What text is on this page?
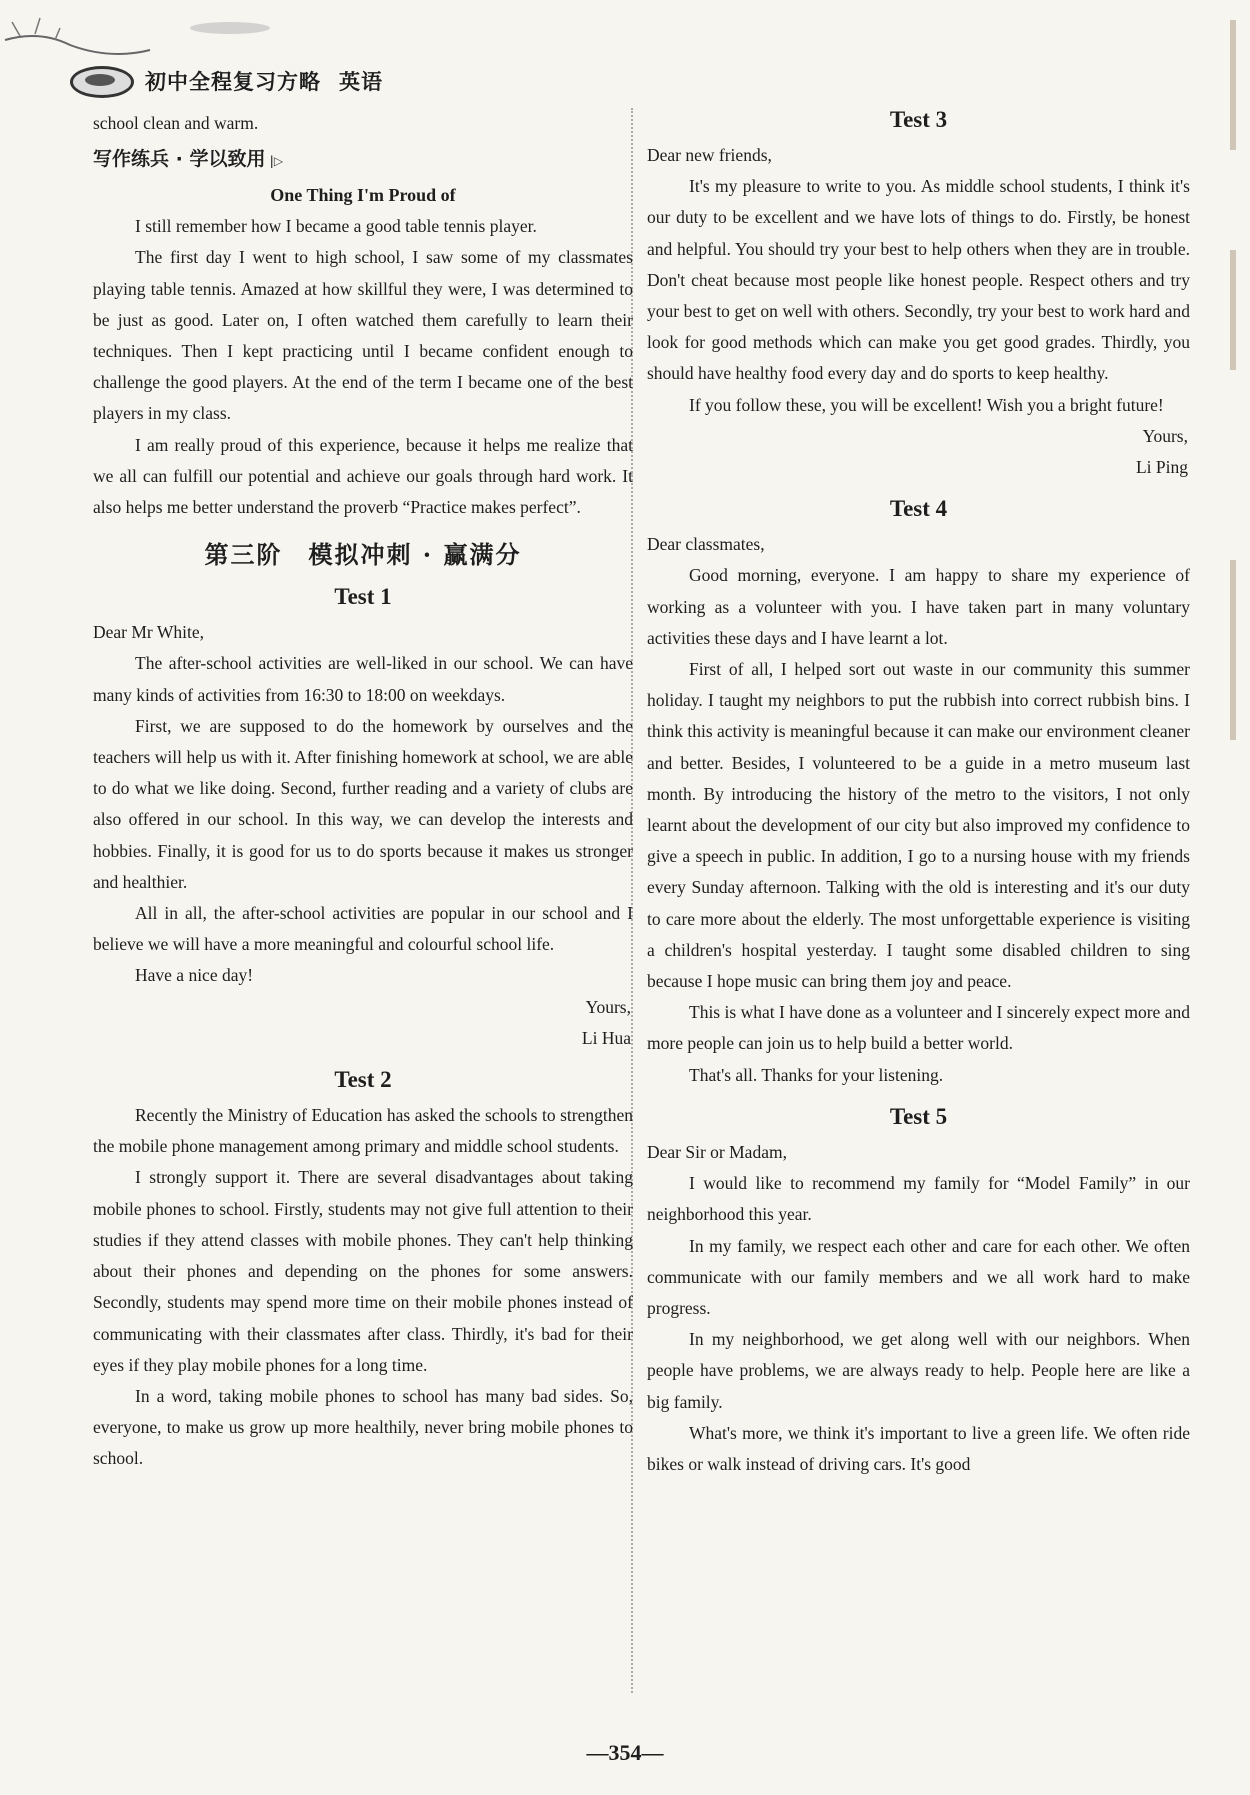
初中全程复习方略 英语

school clean and warm.

写作练兵 · 学以致用 |▷
One Thing I'm Proud of

I still remember how I became a good table tennis player.

The first day I went to high school, I saw some of my classmates playing table tennis. Amazed at how skillful they were, I was determined to be just as good. Later on, I often watched them carefully to learn their techniques. Then I kept practicing until I became confident enough to challenge the good players. At the end of the term I became one of the best players in my class.

I am really proud of this experience, because it helps me realize that we all can fulfill our potential and achieve our goals through hard work. It also helps me better understand the proverb “Practice makes perfect”.

第三阶　模拟冲刺 · 赢满分
Test 1

Dear Mr White,

The after-school activities are well-liked in our school. We can have many kinds of activities from 16:30 to 18:00 on weekdays.

First, we are supposed to do the homework by ourselves and the teachers will help us with it. After finishing homework at school, we are able to do what we like doing. Second, further reading and a variety of clubs are also offered in our school. In this way, we can develop the interests and hobbies. Finally, it is good for us to do sports because it makes us stronger and healthier.

All in all, the after-school activities are popular in our school and I believe we will have a more meaningful and colourful school life.

Have a nice day!

Yours,

Li Hua

Test 2

Recently the Ministry of Education has asked the schools to strengthen the mobile phone management among primary and middle school students.

I strongly support it. There are several disadvantages about taking mobile phones to school. Firstly, students may not give full attention to their studies if they attend classes with mobile phones. They can't help thinking about their phones and depending on the phones for some answers. Secondly, students may spend more time on their mobile phones instead of communicating with their classmates after class. Thirdly, it's bad for their eyes if they play mobile phones for a long time.

In a word, taking mobile phones to school has many bad sides. So, everyone, to make us grow up more healthily, never bring mobile phones to school.

Test 3

Dear new friends,

It's my pleasure to write to you. As middle school students, I think it's our duty to be excellent and we have lots of things to do. Firstly, be honest and helpful. You should try your best to help others when they are in trouble. Don't cheat because most people like honest people. Respect others and try your best to get on well with others. Secondly, try your best to work hard and look for good methods which can make you get good grades. Thirdly, you should have healthy food every day and do sports to keep healthy.

If you follow these, you will be excellent! Wish you a bright future!

Yours,

Li Ping

Test 4

Dear classmates,

Good morning, everyone. I am happy to share my experience of working as a volunteer with you. I have taken part in many voluntary activities these days and I have learnt a lot.

First of all, I helped sort out waste in our community this summer holiday. I taught my neighbors to put the rubbish into correct rubbish bins. I think this activity is meaningful because it can make our environment cleaner and better. Besides, I volunteered to be a guide in a metro museum last month. By introducing the history of the metro to the visitors, I not only learnt about the development of our city but also improved my confidence to give a speech in public. In addition, I go to a nursing house with my friends every Sunday afternoon. Talking with the old is interesting and it's our duty to care more about the elderly. The most unforgettable experience is visiting a children's hospital yesterday. I taught some disabled children to sing because I hope music can bring them joy and peace.

This is what I have done as a volunteer and I sincerely expect more and more people can join us to help build a better world.

That's all. Thanks for your listening.

Test 5

Dear Sir or Madam,

I would like to recommend my family for “Model Family” in our neighborhood this year.

In my family, we respect each other and care for each other. We often communicate with our family members and we all work hard to make progress.

In my neighborhood, we get along well with our neighbors. When people have problems, we are always ready to help. People here are like a big family.

What's more, we think it's important to live a green life. We often ride bikes or walk instead of driving cars. It's good

—354—
